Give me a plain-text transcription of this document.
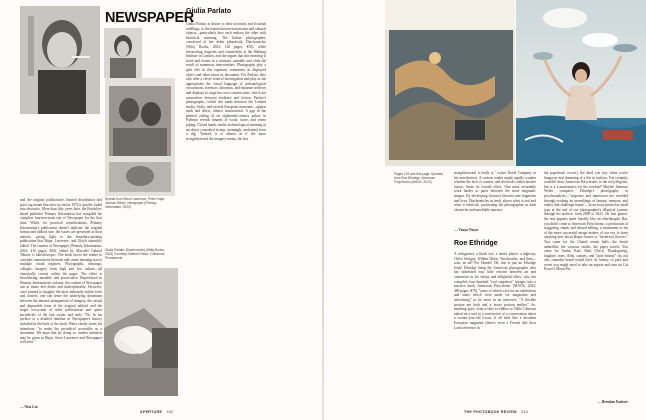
NEWSPAPER
Spread from Steve Lawrence, Peter Hujar, Joshua Gilbert, Newspaper (Primary Information, 2023)
and the original publication's limited distribution and price tag meant that after its end in 1972 it quickly faded into obscurity. More than fifty years later, the Brooklyn-based publisher Primary Information has compiled the complete fourteen-issue run of Newspaper for the first time. While, for practical considerations, Primary Information's publication doesn't replicate the original format and tabloid size, the issues are presented in their entirety, giving light to the boundary-pushing publication that Hujar, Lawrence, and Ulrich staunchly edited. The content of Newspaper (Primary Information, 2023; 410 pages, $40), edited by Marcelle Gabriel Tebron, is kaleidoscopic. The book forces the reader to consider connections between and create meaning across multiple visual registers. Photographs, drawings, collages, imagery from high and low culture—all chaotically coexist within the pages. The effect is bewildering, unstable, and provocative. Reproduced in Primary Information's volume, the content of Newspaper can at times feel dense and indecipherable. However, once primed to imagine the most militantly earlier form and context, one can sense the underlying dynamism between the internal arrangement of imagery, the casual and disposable form of the original tabloid, and the larger ecosystem of artist publications and queer periodicals of the late sixties and early '70s. In his preface to a detailed timeline of Newspaper's history included in the back of the book, Weiss clearly states his intentions: "to make the periodical accessible as a document. We hope that by doing so, further attention may be given to Hujar, Steve Lawrence and Newspaper will arise."
— Nisa Lin
Giulia Parlato, Diachronicles (Witty Books, 2023) Courtesy Galleria Fratta, Collezione Permanente
Giulia Parlato
Giulia Parlato is drawn to false accounts and fictional retellings, to the tension between museums and cultural objects—particularly how each endows the other with historical meaning. The Italian photographer, conceived of her debut photobook, Diachronicles (Witty Books, 2023; 120 pages, €35), while researching forgeries and counterfeits at the Warburg Institute in London, and she argues that this meaning is fixed and frozen in a constant, unstable and often the result of numerous interventions. Photographs play a split role in this equation, sometimes as displayed object and other times as document. For Parlato, they also offer a clever form of investigation and play as she appropriates the visual language of archaeological excavations, forensics, dioramas, and museum archives and displays to stage her own constructions, which are somewhere between evidence and fiction. Parlato's photographs—which she made between the London studio, Sicily, and several European museums—appear stark and direct, almost instructional. A gap in the painted ceiling of an eighteenth-century palace in Palermo reveals innards of wood, stone, and rotten piping. Closed hands render archaeological meaning in an object concealed in tarp, seemingly unclaimed from a dig. "Indeed, it is almost as if the more straightforward the imagery seems, the less
APERTURE 242
Pages 222 and this page: Spreads from Roe Ethridge, American Polychronic (MACK, 2023)
straightforward it really is," writes David Campany in his introduction. A curious reader might rapidly wonder whether the lack of context, and the book's rather austere layout, limits its overall effect. One must invariably work harder to parse between the more enigmatic images. By developing fictional histories and fragments and lives, Diachronicles in fresh, shows what is real and what is artificial, positioning the photographer as both chronicler and unreliable narrator.
— Vanya Nayar
Roe Ethridge
A refrigerator, a black eye, a tennis player, a highway, Chloe Sevigny, Willem Dafoe, Woolworths, and then—wait, an ad? For Honda? Oh, this is just an Ethridge book! Ethridge being the American photographer who has unleashed four little reticent between art and commerce in his sleepy and delightful effect, who has compiled four hundred "real snapshots" images into a massive book, American Polychronic (MACK, 2023; 480 pages, $70), "some of which were for art exhibitions and some which were made for magazines and advertising" as he notes in an interview. "A flexible portion are both and a lesser portion neither." So, anything goes, from a fake ex-ribbon to Tellie Clemons naked on a sofa to a conversion of a conversation about a twenty-year-old Lexus. It all feels like a decadent European magazine (there's even a French deli door Latin reference in
the paperback covers), the kind you buy when you're hungover and dreaming of a life in fashion. You certainly wouldn't draw American Polychronic to the recycling bin, but is it a masterpiece for the rosebud? Maybe! Jameson Weber compares Ethridge's photography to psychoanalysis—"suspense and repression are revealed through evoking an assemblage of fantasy, memory, and reality that challenge frame"—in an essay printed in small type at the end of our photographer's elliptical journey through his archive, from 2000 to 2022. On first glance, the text appears quite literally like an afterthought. But, you didn't come to American Polychronic, a production of staggering charm and absurd editing, a monument to ten of the more successful image makers of our era, to learn anything new about Roger tissues or "hysterical flowers." You came for the Chanel tennis balls, the beach umbrellas, the vacuous smiles, the paper towels. You came for Aruba, Karl, Haiti Ulrich, Thanksgiving, laughter, tears, flesh, sunsets, and "pure beauty" (as our chic cannabis brand would have it), beauty so pure and sweet you might need to take an aspirin and turn on Cat Power's Moon Pix.
— Brendan Embser
THE PHOTOBOOK REVIEW 243
